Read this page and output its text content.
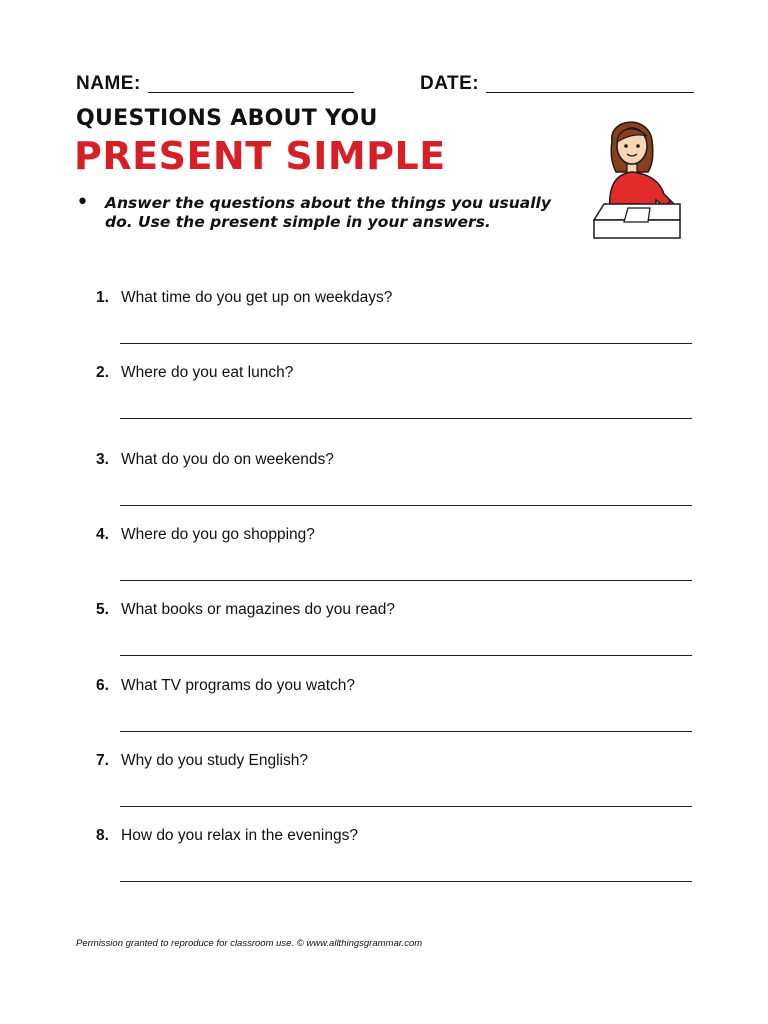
NAME:	DATE:
QUESTIONS ABOUT YOU
PRESENT SIMPLE
• Answer the questions about the things you usually do. Use the present simple in your answers.
1. What time do you get up on weekdays?
2. Where do you eat lunch?
3. What do you do on weekends?
4. Where do you go shopping?
5. What books or magazines do you read?
6. What TV programs do you watch?
7. Why do you study English?
8. How do you relax in the evenings?
Permission granted to reproduce for classroom use. © www.allthingsgrammar.com
